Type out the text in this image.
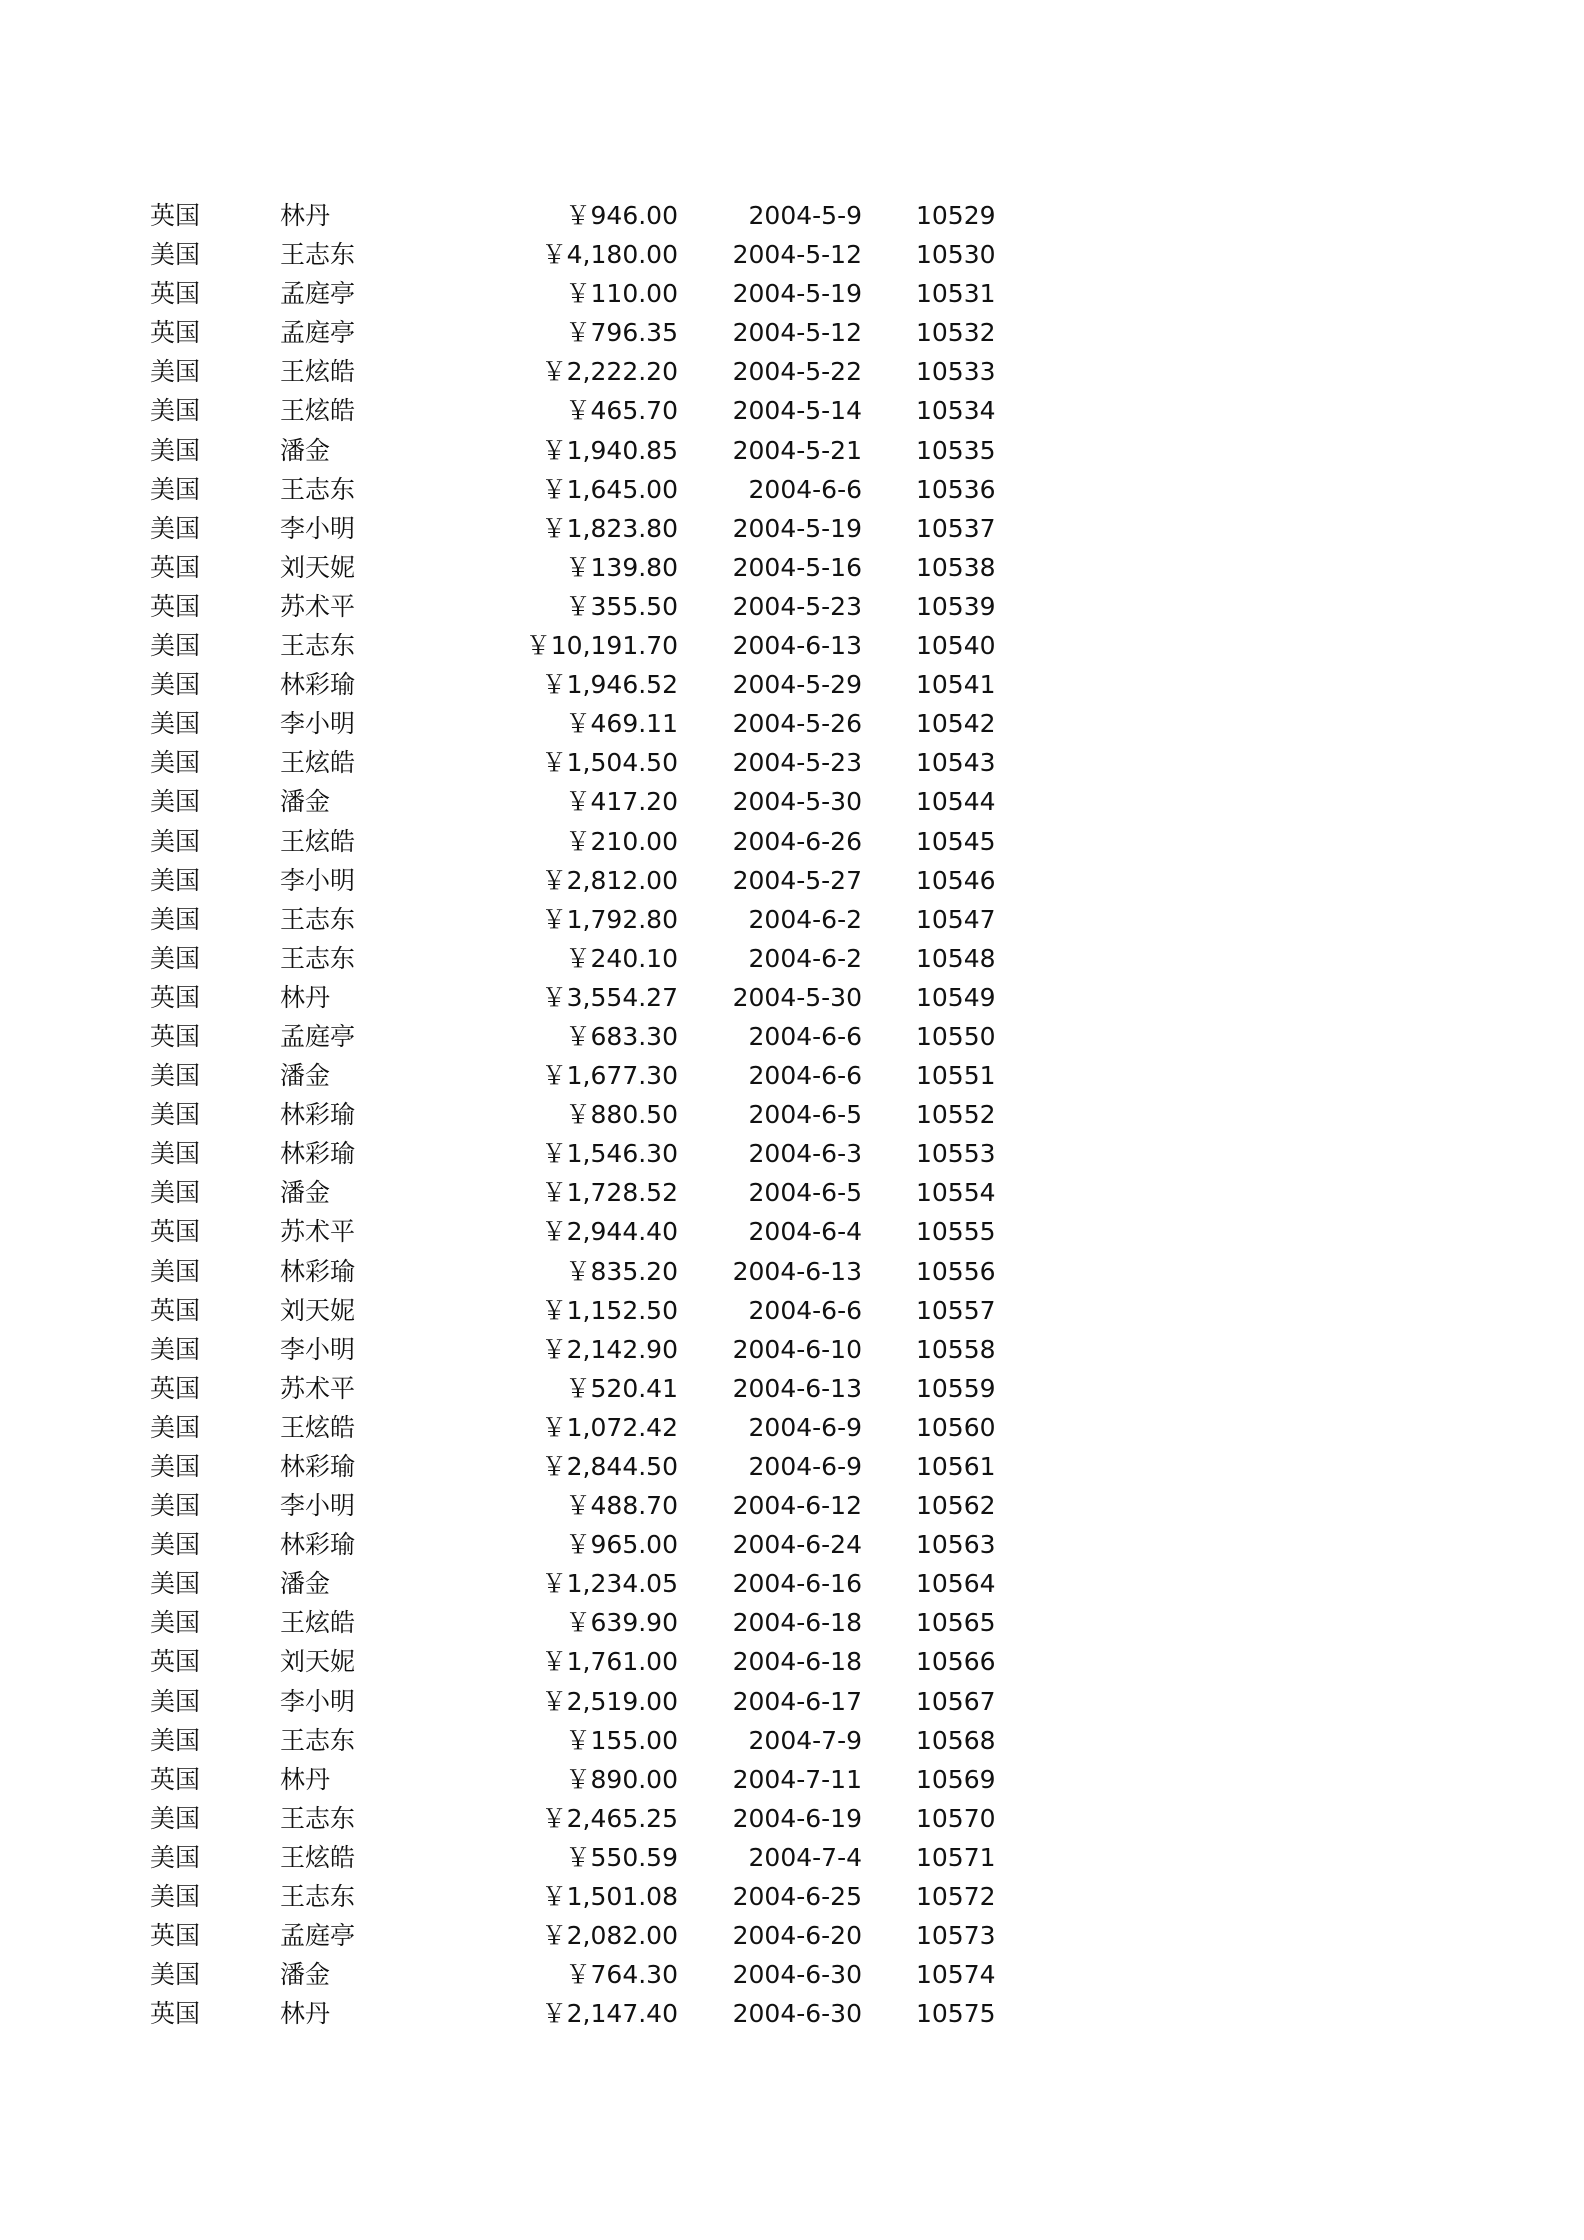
英国	林丹	￥946.00	2004-5-9 10529
美国	王志东	￥4,180.00 2004-5-12 10530
英国	孟庭亭	￥110.00 2004-5-19 10531
英国	孟庭亭	￥796.35 2004-5-12 10532
美国	王炫皓	￥2,222.20 2004-5-22 10533
美国	王炫皓	￥465.70 2004-5-14 10534
美国	潘金	￥1,940.85 2004-5-21 10535
美国	王志东	￥1,645.00	2004-6-6 10536
美国	李小明	￥1,823.80 2004-5-19 10537
英国	刘天妮	￥139.80 2004-5-16 10538
英国	苏术平	￥355.50 2004-5-23 10539
美国	王志东	￥10,191.70 2004-6-13 10540
美国	林彩瑜	￥1,946.52 2004-5-29 10541
美国	李小明	￥469.11 2004-5-26 10542
美国	王炫皓	￥1,504.50 2004-5-23 10543
美国	潘金	￥417.20 2004-5-30 10544
美国	王炫皓	￥210.00 2004-6-26 10545
美国	李小明	￥2,812.00 2004-5-27 10546
美国	王志东	￥1,792.80	2004-6-2 10547
美国	王志东	￥240.10	2004-6-2 10548
英国	林丹	￥3,554.27 2004-5-30 10549
英国	孟庭亭	￥683.30	2004-6-6 10550
美国	潘金	￥1,677.30	2004-6-6 10551
美国	林彩瑜	￥880.50	2004-6-5 10552
美国	林彩瑜	￥1,546.30	2004-6-3 10553
美国	潘金	￥1,728.52	2004-6-5 10554
英国	苏术平	￥2,944.40	2004-6-4 10555
美国	林彩瑜	￥835.20 2004-6-13 10556
英国	刘天妮	￥1,152.50	2004-6-6 10557
美国	李小明	￥2,142.90 2004-6-10 10558
英国	苏术平	￥520.41 2004-6-13 10559
美国	王炫皓	￥1,072.42	2004-6-9 10560
美国	林彩瑜	￥2,844.50	2004-6-9 10561
美国	李小明	￥488.70 2004-6-12 10562
美国	林彩瑜	￥965.00 2004-6-24 10563
美国	潘金	￥1,234.05 2004-6-16 10564
美国	王炫皓	￥639.90 2004-6-18 10565
英国	刘天妮	￥1,761.00 2004-6-18 10566
美国	李小明	￥2,519.00 2004-6-17 10567
美国	王志东	￥155.00	2004-7-9 10568
英国	林丹	￥890.00 2004-7-11 10569
美国	王志东	￥2,465.25 2004-6-19 10570
美国	王炫皓	￥550.59	2004-7-4 10571
美国	王志东	￥1,501.08 2004-6-25 10572
英国	孟庭亭	￥2,082.00 2004-6-20 10573
美国	潘金	￥764.30 2004-6-30 10574
英国	林丹	￥2,147.40 2004-6-30 10575
